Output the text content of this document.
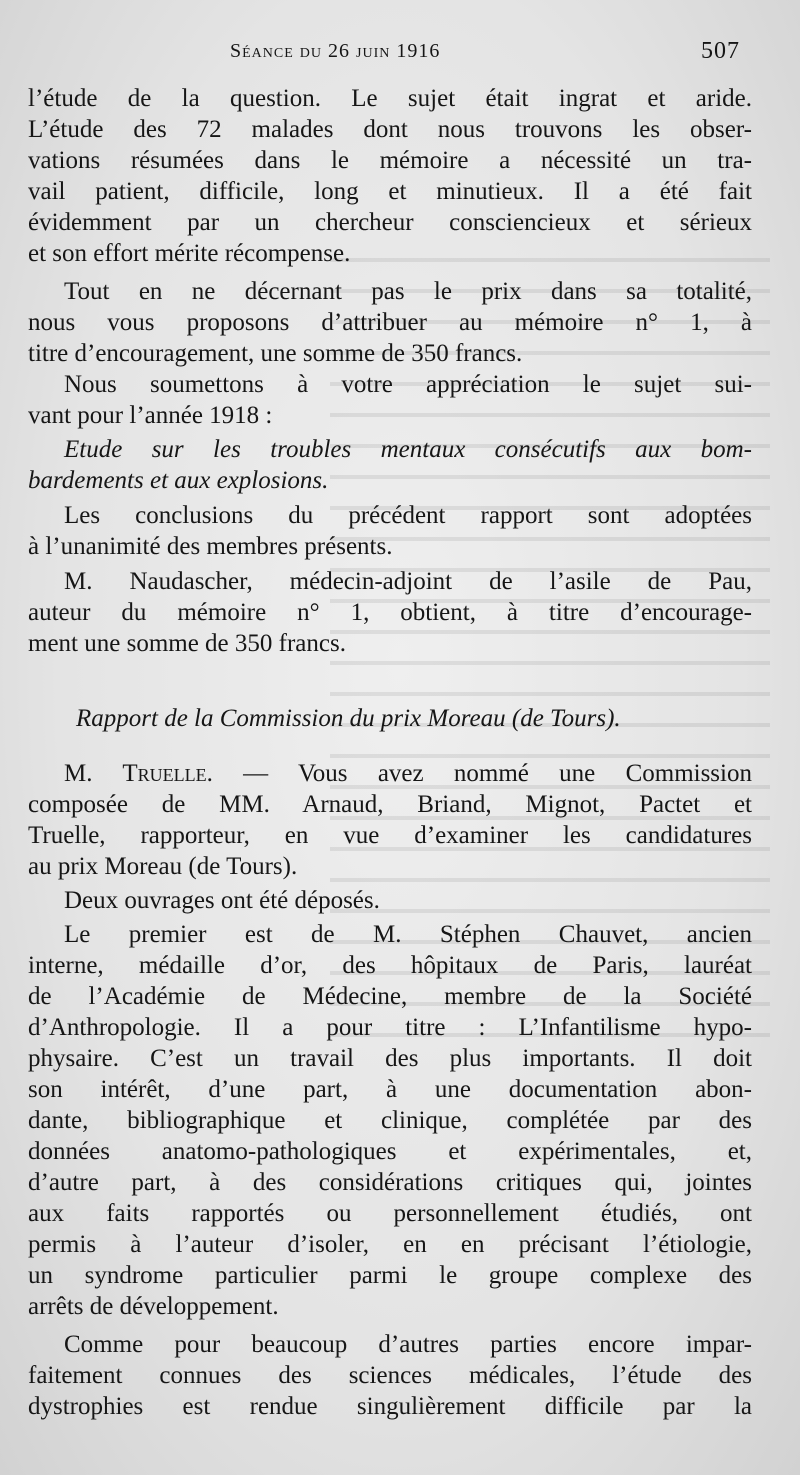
Séance du 26 juin 1916	507
l’étude de la question. Le sujet était ingrat et aride.
L’étude des 72 malades dont nous trouvons les obser-
vations résumées dans le mémoire a nécessité un tra-
vail patient, difficile, long et minutieux. Il a été fait
évidemment par un chercheur consciencieux et sérieux
et son effort mérite récompense.
Tout en ne décernant pas le prix dans sa totalité,
nous vous proposons d’attribuer au mémoire n° 1, à
titre d’encouragement, une somme de 350 francs.
Nous soumettons à votre appréciation le sujet sui-
vant pour l’année 1918 :
Etude sur les troubles mentaux consécutifs aux bom-
bardements et aux explosions.
Les conclusions du précédent rapport sont adoptées
à l’unanimité des membres présents.
M. Naudascher, médecin-adjoint de l’asile de Pau,
auteur du mémoire n° 1, obtient, à titre d’encourage-
ment une somme de 350 francs.
Rapport de la Commission du prix Moreau (de Tours).
M. Truelle. — Vous avez nommé une Commission
composée de MM. Arnaud, Briand, Mignot, Pactet et
Truelle, rapporteur, en vue d’examiner les candidatures
au prix Moreau (de Tours).
Deux ouvrages ont été déposés.
Le premier est de M. Stéphen Chauvet, ancien
interne, médaille d’or, des hôpitaux de Paris, lauréat
de l’Académie de Médecine, membre de la Société
d’Anthropologie. Il a pour titre : L’Infantilisme hypo-
physaire. C’est un travail des plus importants. Il doit
son intérêt, d’une part, à une documentation abon-
dante, bibliographique et clinique, complétée par des
données anatomo-pathologiques et expérimentales, et,
d’autre part, à des considérations critiques qui, jointes
aux faits rapportés ou personnellement étudiés, ont
permis à l’auteur d’isoler, en en précisant l’étiologie,
un syndrome particulier parmi le groupe complexe des
arrêts de développement.
Comme pour beaucoup d’autres parties encore impar-
faitement connues des sciences médicales, l’étude des
dystrophies est rendue singulièrement difficile par la
